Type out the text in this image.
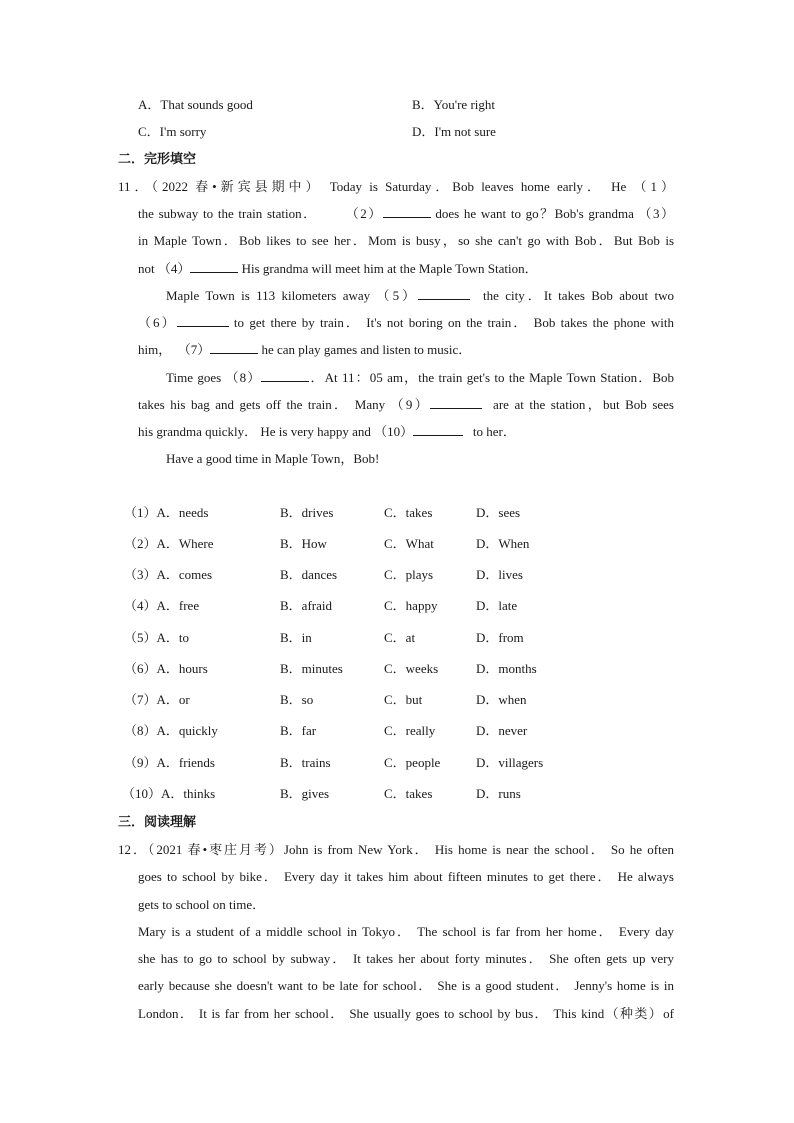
A．That sounds good	B．You're right
C．I'm sorry	D．I'm not sure
二．完形填空
11．（2022 春•新宾县期中） Today is Saturday．Bob leaves home early． He （1）
the subway to the train station．      （2）	does he want to go？Bob's grandma （3）
in Maple Town．Bob likes to see her．Mom is busy，so she can't go with Bob．But Bob is
not （4）	His grandma will meet him at the Maple Town Station．
Maple Town is 113 kilometers away （5）	the city．It takes Bob about two
（6）	to get there by train． It's not boring on the train． Bob takes the phone with
him，  （7）	he can play games and listen to music．
Time goes （8）	．At 11：05 am，the train get's to the Maple Town Station．Bob
takes his bag and gets off the train． Many （9）	are at the station，but Bob sees
his grandma quickly． He is very happy and （10）	to her．
Have a good time in Maple Town，Bob!
（1）A．needs	B．drives	C．takes	D．sees
（2）A．Where	B．How	C．What	D．When
（3）A．comes	B．dances	C．plays	D．lives
（4）A．free	B．afraid	C．happy	D．late
（5）A．to	B．in	C．at	D．from
（6）A．hours	B．minutes	C．weeks	D．months
（7）A．or	B．so	C．but	D．when
（8）A．quickly	B．far	C．really	D．never
（9）A．friends	B．trains	C．people	D．villagers
（10）A．thinks	B．gives	C．takes	D．runs
三．阅读理解
12．（2021 春•枣庄月考）John is from New York． His home is near the school． So he often
goes to school by bike． Every day it takes him about fifteen minutes to get there． He always
gets to school on time．
Mary is a student of a middle school in Tokyo． The school is far from her home． Every day
she has to go to school by subway． It takes her about forty minutes． She often gets up very
early because she doesn't want to be late for school． She is a good student． Jenny's home is in
London． It is far from her school． She usually goes to school by bus． This kind（种类）of
